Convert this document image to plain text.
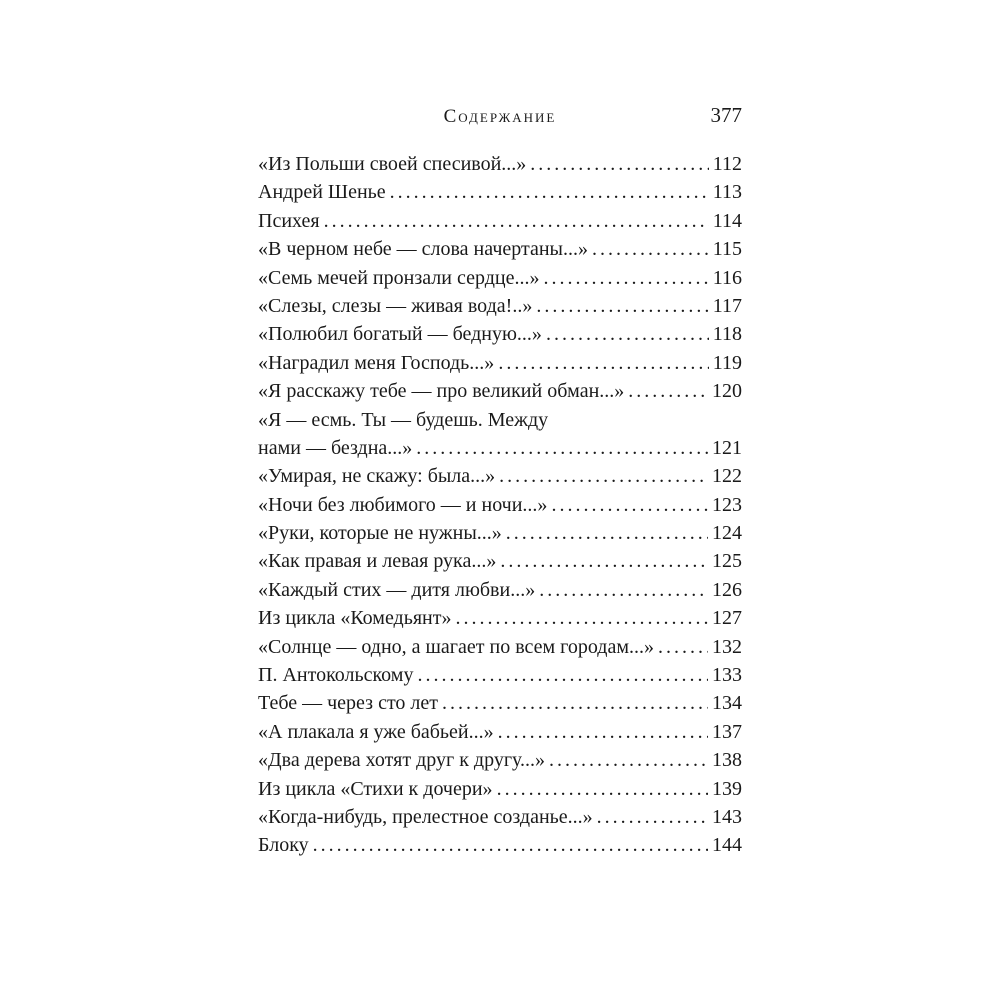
Содержание	377
«Из Польши своей спесивой...» .....	112
Андрей Шенье .....	113
Психея .....	114
«В черном небе — слова начертаны...» .....	115
«Семь мечей пронзали сердце...» .....	116
«Слезы, слезы — живая вода!..» .....	117
«Полюбил богатый — бедную...» .....	118
«Наградил меня Господь...» .....	119
«Я расскажу тебе — про великий обман...» .....	120
«Я — есмь. Ты — будешь. Между
нами — бездна...» .....	121
«Умирая, не скажу: была...» .....	122
«Ночи без любимого — и ночи...» .....	123
«Руки, которые не нужны...» .....	124
«Как правая и левая рука...» .....	125
«Каждый стих — дитя любви...» .....	126
Из цикла «Комедьянт» .....	127
«Солнце — одно, а шагает по всем городам...» .....	132
П. Антокольскому .....	133
Тебе — через сто лет .....	134
«А плакала я уже бабьей...» .....	137
«Два дерева хотят друг к другу...» .....	138
Из цикла «Стихи к дочери» .....	139
«Когда-нибудь, прелестное созданье...» .....	143
Блоку .....	144
